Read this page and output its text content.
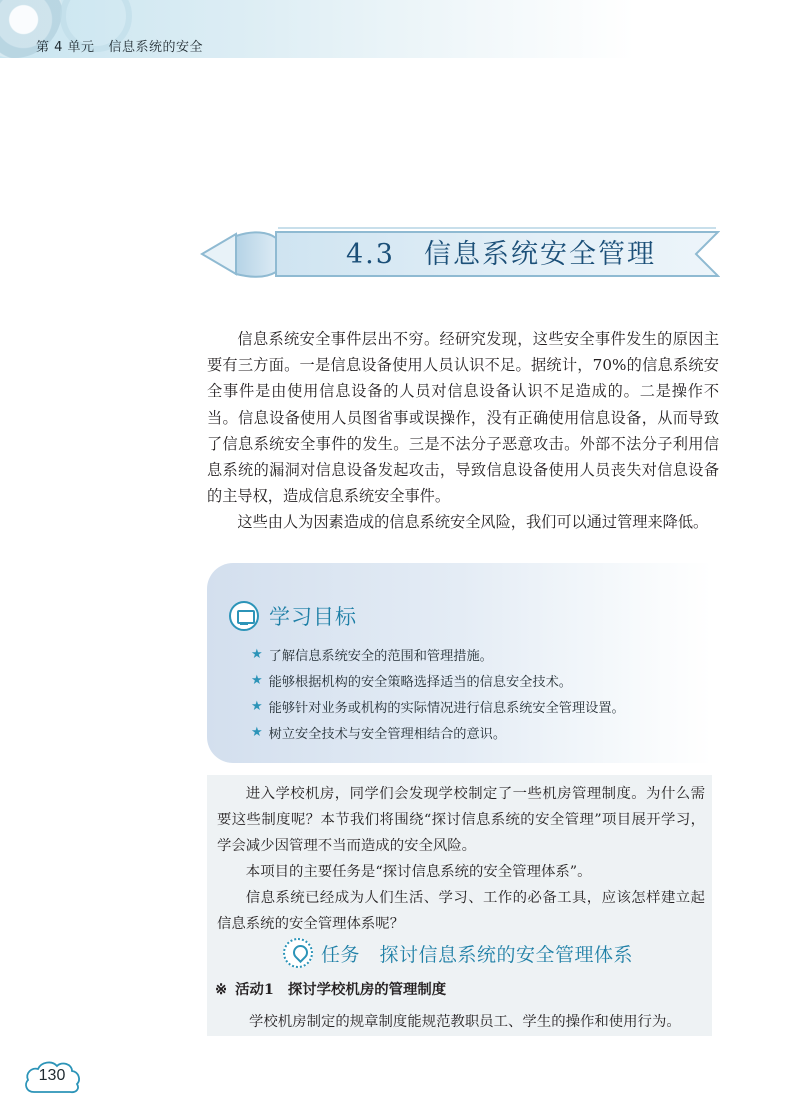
第 4 单元 信息系统的安全
4.3　信息系统安全管理

信息系统安全事件层出不穷。经研究发现，这些安全事件发生的原因主要有三方面。一是信息设备使用人员认识不足。据统计，70%的信息系统安全事件是由使用信息设备的人员对信息设备认识不足造成的。二是操作不当。信息设备使用人员图省事或误操作，没有正确使用信息设备，从而导致了信息系统安全事件的发生。三是不法分子恶意攻击。外部不法分子利用信息系统的漏洞对信息设备发起攻击，导致信息设备使用人员丧失对信息设备的主导权，造成信息系统安全事件。

这些由人为因素造成的信息系统安全风险，我们可以通过管理来降低。

学习目标
★ 了解信息系统安全的范围和管理措施。
★ 能够根据机构的安全策略选择适当的信息安全技术。
★ 能够针对业务或机构的实际情况进行信息系统安全管理设置。
★ 树立安全技术与安全管理相结合的意识。

进入学校机房，同学们会发现学校制定了一些机房管理制度。为什么需要这些制度呢？本节我们将围绕“探讨信息系统的安全管理”项目展开学习，学会减少因管理不当而造成的安全风险。

本项目的主要任务是“探讨信息系统的安全管理体系”。

信息系统已经成为人们生活、学习、工作的必备工具，应该怎样建立起信息系统的安全管理体系呢？

任务　探讨信息系统的安全管理体系
※ 活动1 探讨学校机房的管理制度
学校机房制定的规章制度能规范教职员工、学生的操作和使用行为。
130
